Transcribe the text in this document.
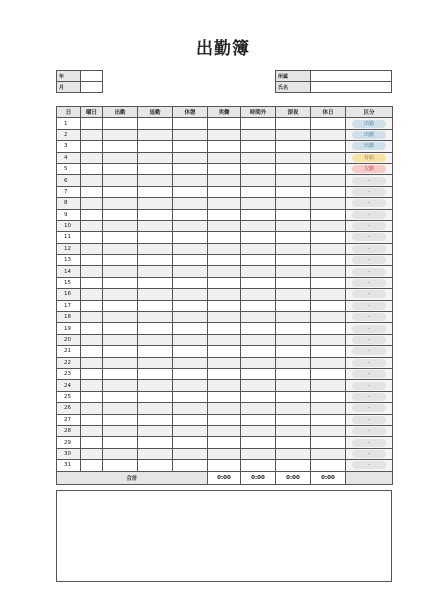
出勤簿
年	
月	
所属	
氏名	
日	曜日	出勤	退勤	休憩	実働	時間外	深夜	休日	区分
1									出勤
2									出勤
3									出勤
4									有給
5									欠勤
6									-
7									-
8									-
9									-
10									-
11									-
12									-
13									-
14									-
15									-
16									-
17									-
18									-
19									-
20									-
21									-
22									-
23									-
24									-
25									-
26									-
27									-
28									-
29									-
30									-
31									-
合計					0:00	0:00	0:00	0:00	
